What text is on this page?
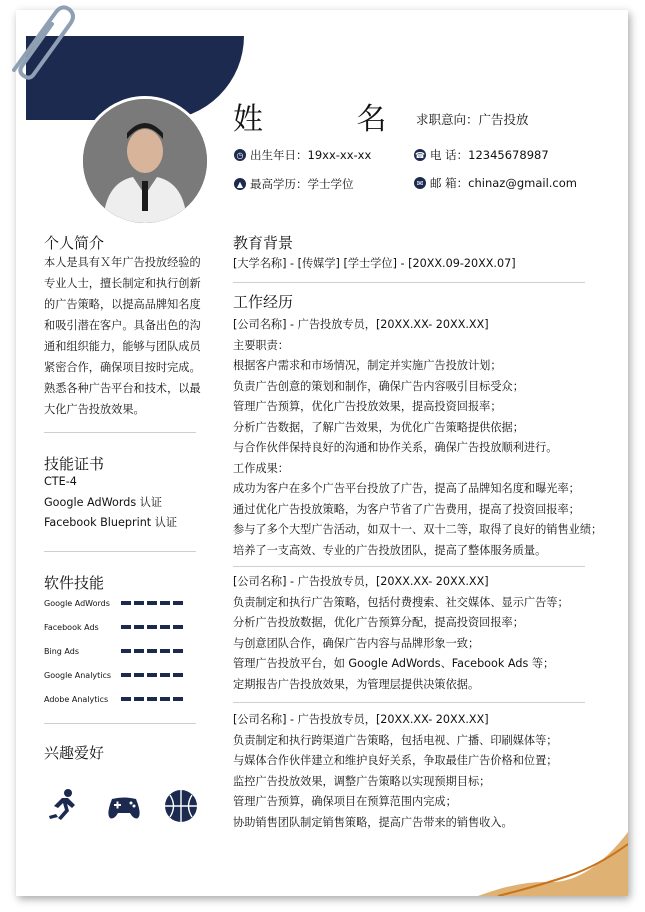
姓 名
求职意向：广告投放
◷ 出生年日：19xx-xx-xx	☎ 电 话：12345678987
▲ 最高学历：学士学位	✉ 邮 箱：chinaz@gmail.com
个人简介
本人是具有Ｘ年广告投放经验的
专业人士，擅长制定和执行创新
的广告策略，以提高品牌知名度
和吸引潜在客户。具备出色的沟
通和组织能力，能够与团队成员
紧密合作，确保项目按时完成。
熟悉各种广告平台和技术，以最
大化广告投放效果。
技能证书
CTE-4
Google AdWords 认证
Facebook Blueprint 认证
软件技能
Google AdWords
Facebook Ads
Bing Ads
Google Analytics
Adobe Analytics
兴趣爱好
教育背景
[大学名称] - [传媒学] [学士学位] - [20XX.09-20XX.07]
工作经历
[公司名称] - 广告投放专员，[20XX.XX- 20XX.XX]
主要职责：
根据客户需求和市场情况，制定并实施广告投放计划；
负责广告创意的策划和制作，确保广告内容吸引目标受众；
管理广告预算，优化广告投放效果，提高投资回报率；
分析广告数据，了解广告效果，为优化广告策略提供依据；
与合作伙伴保持良好的沟通和协作关系，确保广告投放顺利进行。
工作成果：
成功为客户在多个广告平台投放了广告，提高了品牌知名度和曝光率；
通过优化广告投放策略，为客户节省了广告费用，提高了投资回报率；
参与了多个大型广告活动，如双十一、双十二等，取得了良好的销售业绩；
培养了一支高效、专业的广告投放团队，提高了整体服务质量。
[公司名称] - 广告投放专员，[20XX.XX- 20XX.XX]
负责制定和执行广告策略，包括付费搜索、社交媒体、显示广告等；
分析广告投放数据，优化广告预算分配，提高投资回报率；
与创意团队合作，确保广告内容与品牌形象一致；
管理广告投放平台，如 Google AdWords、Facebook Ads 等；
定期报告广告投放效果，为管理层提供决策依据。
[公司名称] - 广告投放专员，[20XX.XX- 20XX.XX]
负责制定和执行跨渠道广告策略，包括电视、广播、印刷媒体等；
与媒体合作伙伴建立和维护良好关系，争取最佳广告价格和位置；
监控广告投放效果，调整广告策略以实现预期目标；
管理广告预算，确保项目在预算范围内完成；
协助销售团队制定销售策略，提高广告带来的销售收入。
